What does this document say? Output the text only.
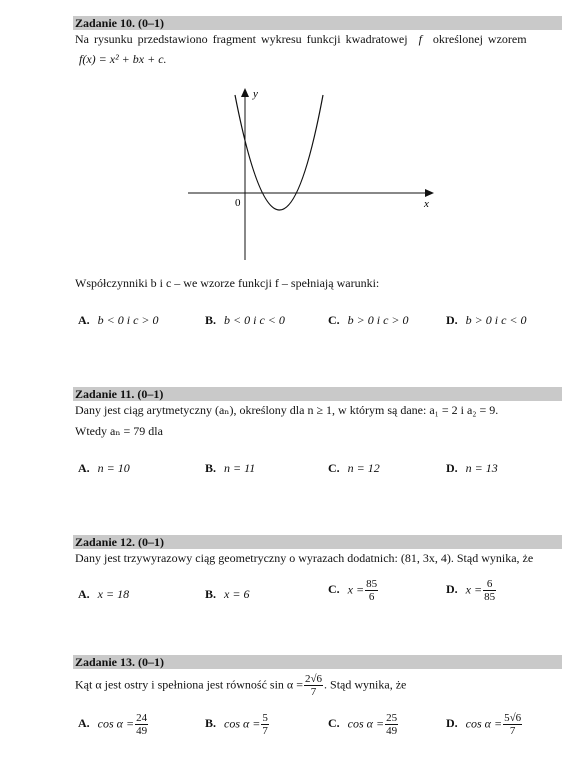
Zadanie 10. (0–1)
Na rysunku przedstawiono fragment wykresu funkcji kwadratowej f określonej wzorem
f(x) = x² + bx + c.
y
x
0
Współczynniki b i c – we wzorze funkcji f – spełniają warunki:
A. b < 0 i c > 0	B. b < 0 i c < 0	C. b > 0 i c > 0	D. b > 0 i c < 0
Zadanie 11. (0–1)
Dany jest ciąg arytmetyczny (aₙ), określony dla n ≥ 1, w którym są dane: a₁ = 2 i a₂ = 9.
Wtedy aₙ = 79 dla
A. n = 10	B. n = 11	C. n = 12	D. n = 13
Zadanie 12. (0–1)
Dany jest trzywyrazowy ciąg geometryczny o wyrazach dodatnich: (81, 3x, 4). Stąd wynika, że
A. x = 18	B. x = 6	C. $x = \frac{85}{6}$	D. $x = \frac{6}{85}$
Zadanie 13. (0–1)
Kąt α jest ostry i spełniona jest równość $\sin \alpha = \frac{2√6}{7}$ . Stąd wynika, że
A. $\cos \alpha = \frac{24}{49}$	B. $\cos \alpha = \frac{5}{7}$	C. $\cos \alpha = \frac{25}{49}$	D. $\cos \alpha = \frac{5√6}{7}$
